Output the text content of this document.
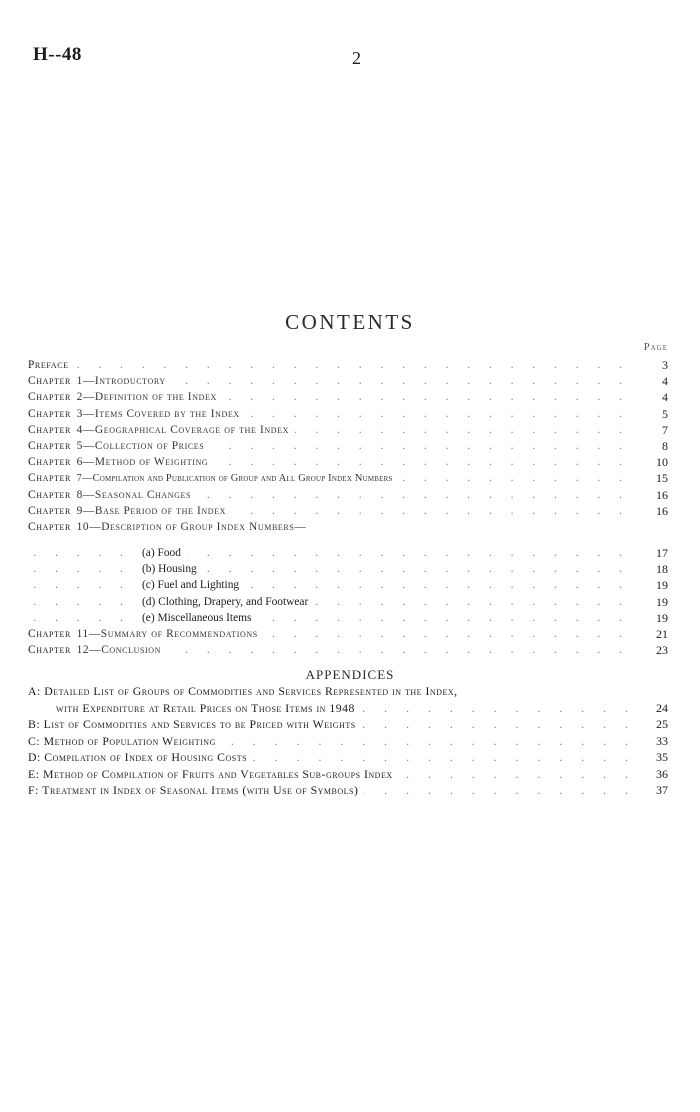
H--48	2
CONTENTS
Page
. .
Preface	3
. .
Chapter 1—Introductory	4
. .
Chapter 2—Definition of the Index	4
. .
Chapter 3—Items Covered by the Index	5
. .
Chapter 4—Geographical Coverage of the Index	7
. .
Chapter 5—Collection of Prices	8
. .
Chapter 6—Method of Weighting	10
. .
Chapter 7—Compilation and Publication of Group and All Group Index Numbers	15
. .
Chapter 8—Seasonal Changes	16
. .
Chapter 9—Base Period of the Index	16
Chapter 10—Description of Group Index Numbers—
. .
(a) Food	17
. .
(b) Housing	18
. .
(c) Fuel and Lighting	19
. .
(d) Clothing, Drapery, and Footwear	19
. .
(e) Miscellaneous Items	19
. .
Chapter 11—Summary of Recommendations	21
. .
Chapter 12—Conclusion	23
APPENDICES
A: Detailed List of Groups of Commodities and Services Represented in the Index,
. .
with Expenditure at Retail Prices on Those Items in 1948	24
. .
B: List of Commodities and Services to be Priced with Weights	25
. .
C: Method of Population Weighting	33
. .
D: Compilation of Index of Housing Costs	35
. .
E: Method of Compilation of Fruits and Vegetables Sub-groups Index	36
. .
F: Treatment in Index of Seasonal Items (with Use of Symbols)	37
